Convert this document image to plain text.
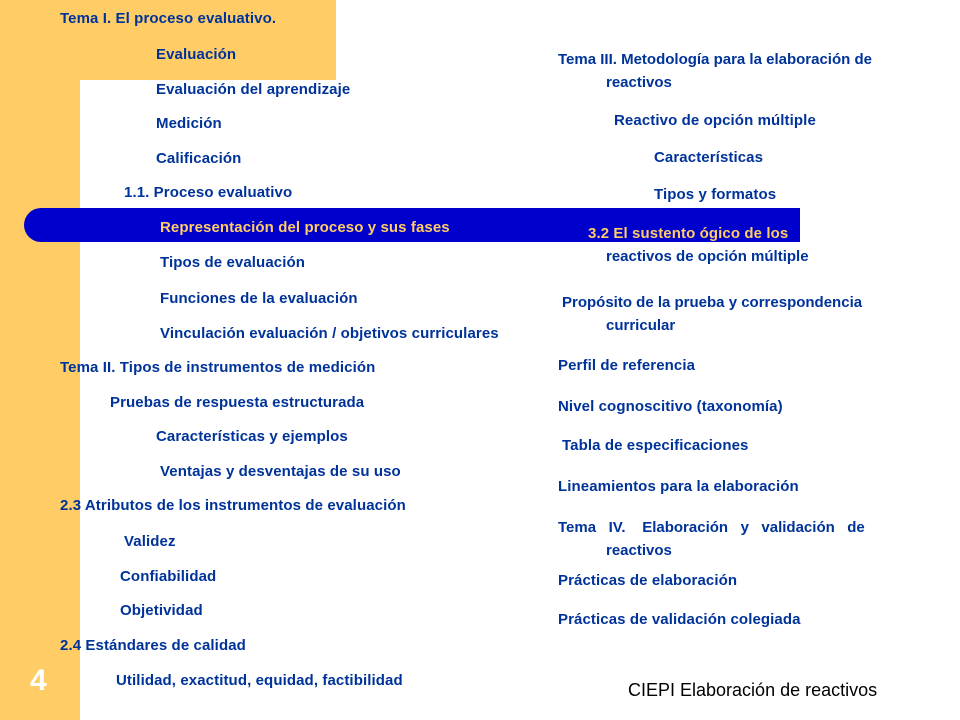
Tema I. El proceso evaluativo.
Evaluación
Evaluación del aprendizaje
Medición
Calificación
1.1. Proceso evaluativo
Representación del proceso y sus fases
Tipos de evaluación
Funciones de la evaluación
Vinculación evaluación / objetivos curriculares
Tema II. Tipos de instrumentos de medición
Pruebas de respuesta estructurada
Características y ejemplos
Ventajas y desventajas de su uso
2.3 Atributos de los instrumentos de evaluación
Validez
Confiabilidad
Objetividad
2.4 Estándares de calidad
Utilidad, exactitud, equidad, factibilidad
Tema III. Metodología para la elaboración de
reactivos
Reactivo de opción múltiple
Características
Tipos y formatos
3.2 El sustento ógico de los
reactivos de opción múltiple
Propósito de la prueba y correspondencia
curricular
Perfil de referencia
Nivel cognoscitivo (taxonomía)
Tabla de especificaciones
Lineamientos para la elaboración
Tema   IV.    Elaboración   y   validación   de
reactivos
Prácticas de elaboración
Prácticas de validación colegiada
4	CIEPI Elaboración de reactivos
